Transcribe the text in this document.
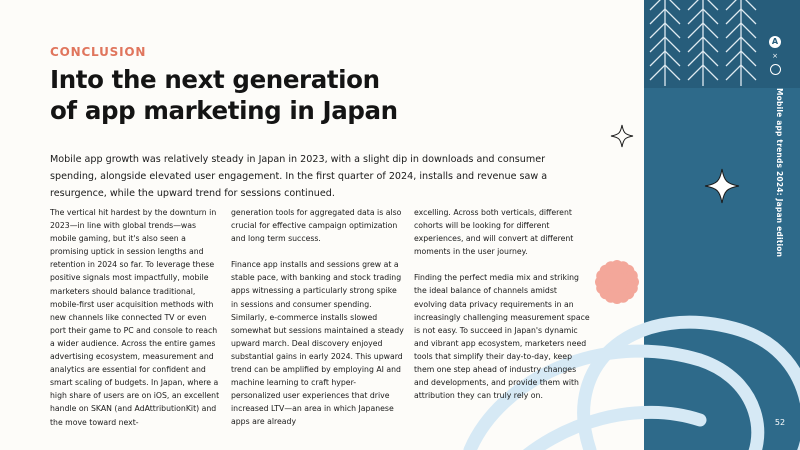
A
×
Mobile app trends 2024: Japan edition
52
CONCLUSION
Into the next generation of app marketing in Japan
Mobile app growth was relatively steady in Japan in 2023, with a slight dip in downloads and consumer spending, alongside elevated user engagement. In the first quarter of 2024, installs and revenue saw a resurgence, while the upward trend for sessions continued.

The vertical hit hardest by the downturn in 2023—in line with global trends—was mobile gaming, but it's also seen a promising uptick in session lengths and retention in 2024 so far. To leverage these positive signals most impactfully, mobile marketers should balance traditional, mobile-first user acquisition methods with new channels like connected TV or even port their game to PC and console to reach a wider audience. Across the entire games advertising ecosystem, measurement and analytics are essential for confident and smart scaling of budgets. In Japan, where a high share of users are on iOS, an excellent handle on SKAN (and AdAttributionKit) and the move toward next-

generation tools for aggregated data is also crucial for effective campaign optimization and long term success.

Finance app installs and sessions grew at a stable pace, with banking and stock trading apps witnessing a particularly strong spike in sessions and consumer spending. Similarly, e-commerce installs slowed somewhat but sessions maintained a steady upward march. Deal discovery enjoyed substantial gains in early 2024. This upward trend can be amplified by employing AI and machine learning to craft hyper-personalized user experiences that drive increased LTV—an area in which Japanese apps are already

excelling. Across both verticals, different cohorts will be looking for different experiences, and will convert at different moments in the user journey.

Finding the perfect media mix and striking the ideal balance of channels amidst evolving data privacy requirements in an increasingly challenging measurement space is not easy. To succeed in Japan's dynamic and vibrant app ecosystem, marketers need tools that simplify their day-to-day, keep them one step ahead of industry changes and developments, and provide them with attribution they can truly rely on.
